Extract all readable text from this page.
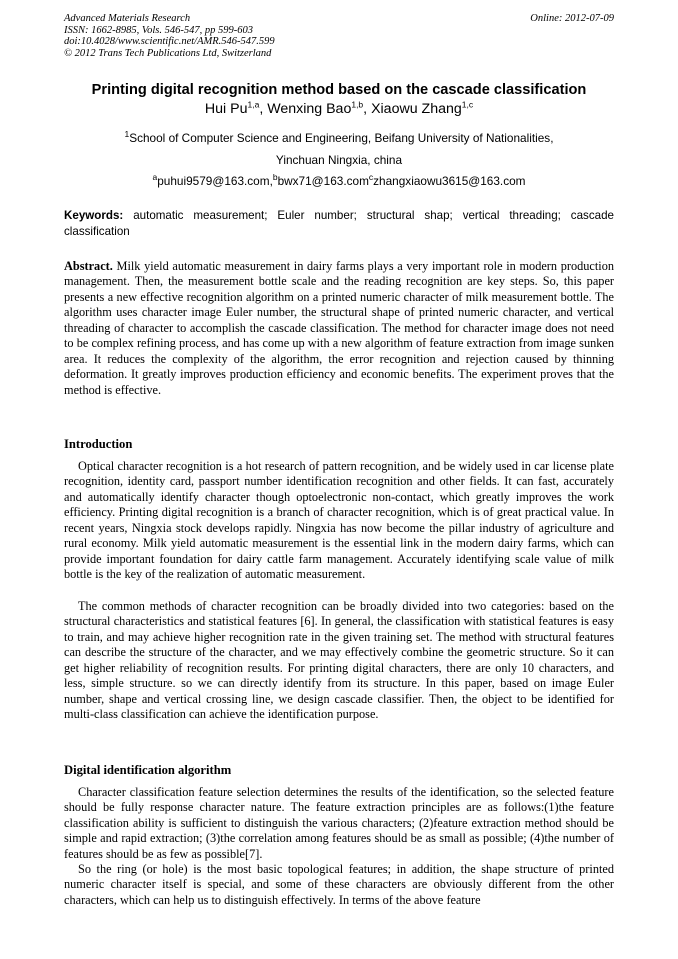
Advanced Materials Research
ISSN: 1662-8985, Vols. 546-547, pp 599-603
doi:10.4028/www.scientific.net/AMR.546-547.599
© 2012 Trans Tech Publications Ltd, Switzerland
Online: 2012-07-09
Printing digital recognition method based on the cascade classification
Hui Pu$^{1,a}$, Wenxing Bao$^{1,b}$, Xiaowu Zhang$^{1,c}$
$^1$School of Computer Science and Engineering, Beifang University of Nationalities,
Yinchuan Ningxia, china
$^a$puhui9579@163.com,$^b$bwx71@163.com$^c$zhangxiaowu3615@163.com
Keywords: automatic measurement; Euler number; structural shap; vertical threading; cascade classification

Abstract. Milk yield automatic measurement in dairy farms plays a very important role in modern production management. Then, the measurement bottle scale and the reading recognition are key steps. So, this paper presents a new effective recognition algorithm on a printed numeric character of milk measurement bottle. The algorithm uses character image Euler number, the structural shape of printed numeric character, and vertical threading of character to accomplish the cascade classification. The method for character image does not need to be complex refining process, and has come up with a new algorithm of feature extraction from image sunken area. It reduces the complexity of the algorithm, the error recognition and rejection caused by thinning deformation. It greatly improves production efficiency and economic benefits. The experiment proves that the method is effective.

Introduction

Optical character recognition is a hot research of pattern recognition, and be widely used in car license plate recognition, identity card, passport number identification recognition and other fields. It can fast, accurately and automatically identify character though optoelectronic non-contact, which greatly improves the work efficiency. Printing digital recognition is a branch of character recognition, which is of great practical value. In recent years, Ningxia stock develops rapidly. Ningxia has now become the pillar industry of agriculture and rural economy. Milk yield automatic measurement is the essential link in the modern dairy farms, which can provide important foundation for dairy cattle farm management. Accurately identifying scale value of milk bottle is the key of the realization of automatic measurement.

The common methods of character recognition can be broadly divided into two categories: based on the structural characteristics and statistical features [6]. In general, the classification with statistical features is easy to train, and may achieve higher recognition rate in the given training set. The method with structural features can describe the structure of the character, and we may effectively combine the geometric structure. So it can get higher reliability of recognition results. For printing digital characters, there are only 10 characters, and less, simple structure. so we can directly identify from its structure. In this paper, based on image Euler number, shape and vertical crossing line, we design cascade classifier. Then, the object to be identified for multi-class classification can achieve the identification purpose.

Digital identification algorithm

Character classification feature selection determines the results of the identification, so the selected feature should be fully response character nature. The feature extraction principles are as follows:(1)the feature classification ability is sufficient to distinguish the various characters; (2)feature extraction method should be simple and rapid extraction; (3)the correlation among features should be as small as possible; (4)the number of features should be as few as possible[7].

So the ring (or hole) is the most basic topological features; in addition, the shape structure of printed numeric character itself is special, and some of these characters are obviously different from the other characters, which can help us to distinguish effectively. In terms of the above feature
